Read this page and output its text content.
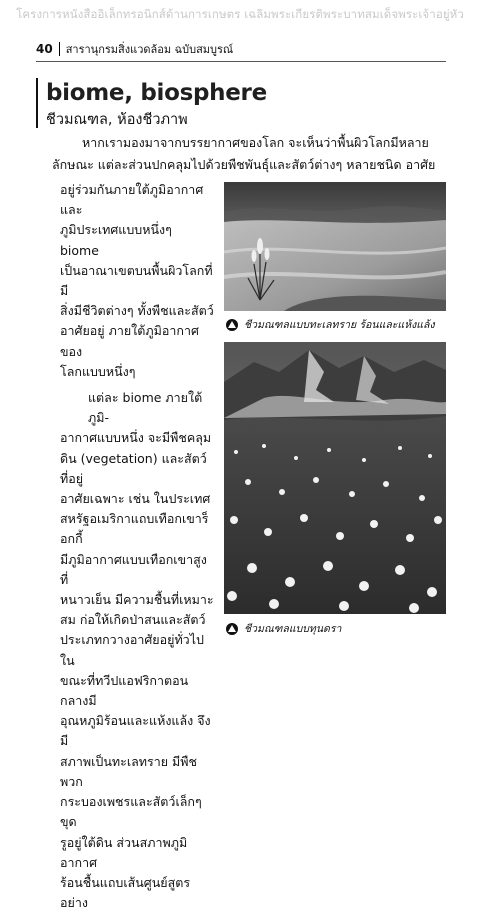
โครงการหนังสืออิเล็กทรอนิกส์ด้านการเกษตร เฉลิมพระเกียรติพระบาทสมเด็จพระเจ้าอยู่หัว
40	สารานุกรมสิ่งแวดล้อม ฉบับสมบูรณ์
biome, biosphere
ชีวมณฑล, ห้องชีวภาพ
หากเรามองมาจากบรรยากาศของโลก จะเห็นว่าพื้นผิวโลกมีหลาย
ลักษณะ แต่ละส่วนปกคลุมไปด้วยพืชพันธุ์และสัตว์ต่างๆ หลายชนิด อาศัย

อยู่ร่วมกันภายใต้ภูมิอากาศและ

ภูมิประเทศแบบหนึ่งๆ biome

เป็นอาณาเขตบนพื้นผิวโลกที่มี

สิ่งมีชีวิตต่างๆ ทั้งพืชและสัตว์

อาศัยอยู่ ภายใต้ภูมิอากาศของ

โลกแบบหนึ่งๆ

แต่ละ biome ภายใต้ภูมิ-

อากาศแบบหนึ่ง จะมีพืชคลุม

ดิน (vegetation) และสัตว์ที่อยู่

อาศัยเฉพาะ เช่น ในประเทศ

สหรัฐอเมริกาแถบเทือกเขาร็อกกี้

มีภูมิอากาศแบบเทือกเขาสูงที่

หนาวเย็น มีความชื้นที่เหมาะ

สม ก่อให้เกิดป่าสนและสัตว์

ประเภทกวางอาศัยอยู่ทั่วไป ใน

ขณะที่ทวีปแอฟริกาตอนกลางมี

อุณหภูมิร้อนและแห้งแล้ง จึงมี

สภาพเป็นทะเลทราย มีพืชพวก

กระบองเพชรและสัตว์เล็กๆ ขุด

รูอยู่ใต้ดิน ส่วนสภาพภูมิอากาศ

ร้อนชื้นแถบเส้นศูนย์สูตรอย่าง

ชีวมณฑลแบบทะเลทราย ร้อนและแห้งแล้ง
ชีวมณฑลแบบทุนดรา
